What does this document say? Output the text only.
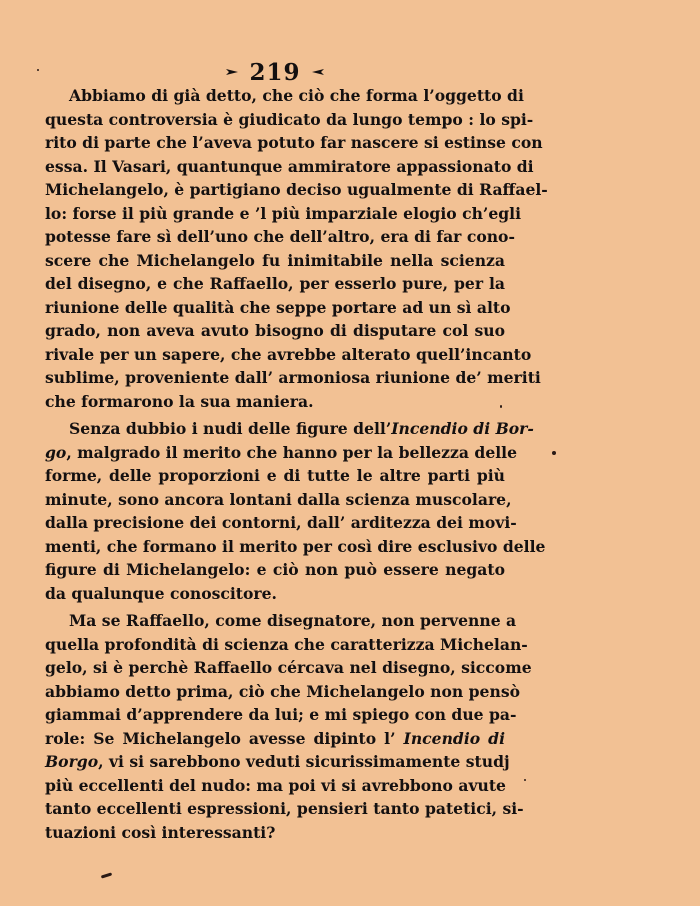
219
Abbiamo di già detto, che ciò che forma l’oggetto di
questa controversia è giudicato da lungo tempo : lo spi-
rito di parte che l’aveva potuto far nascere si estinse con
essa. Il Vasari, quantunque ammiratore appassionato di
Michelangelo, è partigiano deciso ugualmente di Raffael-
lo: forse il più grande e ’l più imparziale elogio ch’egli
potesse fare sì dell’uno che dell’altro, era di far cono-
scere che Michelangelo fu inimitabile nella scienza
del disegno, e che Raffaello, per esserlo pure, per la
riunione delle qualità che seppe portare ad un sì alto
grado, non aveva avuto bisogno di disputare col suo
rivale per un sapere, che avrebbe alterato quell’incanto
sublime, proveniente dall’ armoniosa riunione de’ meriti
che formarono la sua maniera.
Senza dubbio i nudi delle figure dell’Incendio di Bor-
go, malgrado il merito che hanno per la bellezza delle
forme, delle proporzioni e di tutte le altre parti più
minute, sono ancora lontani dalla scienza muscolare,
dalla precisione dei contorni, dall’ arditezza dei movi-
menti, che formano il merito per così dire esclusivo delle
figure di Michelangelo: e ciò non può essere negato
da qualunque conoscitore.
Ma se Raffaello, come disegnatore, non pervenne a
quella profondità di scienza che caratterizza Michelan-
gelo, si è perchè Raffaello cércava nel disegno, siccome
abbiamo detto prima, ciò che Michelangelo non pensò
giammai d’apprendere da lui; e mi spiego con due pa-
role: Se Michelangelo avesse dipinto l’ Incendio di
Borgo, vi si sarebbono veduti sicurissimamente studj
più eccellenti del nudo: ma poi vi si avrebbono avute
tanto eccellenti espressioni, pensieri tanto patetici, si-
tuazioni così interessanti?
